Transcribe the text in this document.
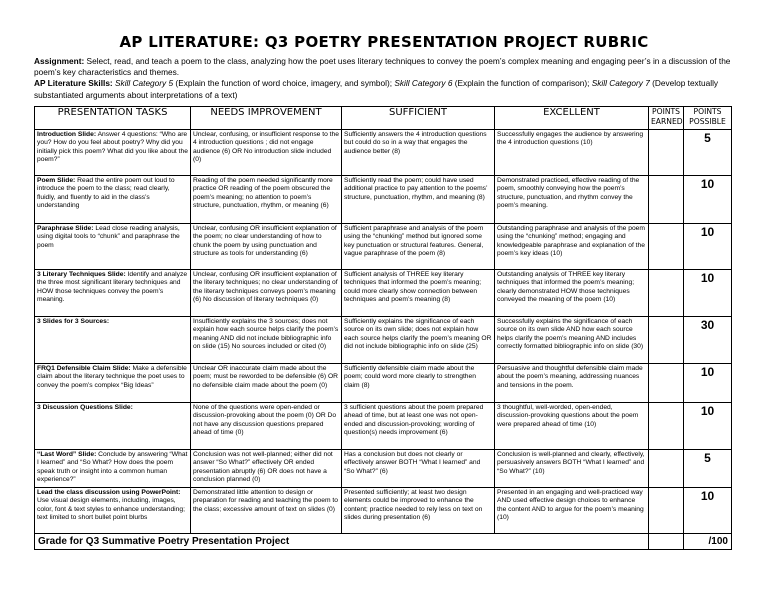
AP LITERATURE: Q3 POETRY PRESENTATION PROJECT RUBRIC
Assignment: Select, read, and teach a poem to the class, analyzing how the poet uses literary techniques to convey the poem’s complex meaning and engaging peer’s in a discussion of the poem’s key characteristics and themes.
AP Literature Skills: Skill Category 5 (Explain the function of word choice, imagery, and symbol); Skill Category 6 (Explain the function of comparison); Skill Category 7 (Develop textually substantiated arguments about interpretations of a text)
PRESENTATION TASKS	NEEDS IMPROVEMENT	SUFFICIENT	EXCELLENT	POINTS EARNED	POINTS POSSIBLE
Introduction Slide: Answer 4 questions: “Who are you? How do you feel about poetry? Why did you initially pick this poem? What did you like about the poem?”	Unclear, confusing, or insufficient response to the 4 introduction questions ; did not engage audience (6) OR No introduction slide included (0)	Sufficiently answers the 4 introduction questions but could do so in a way that engages the audience better (8)	Successfully engages the audience by answering the 4 introduction questions (10)		5
Poem Slide: Read the entire poem out loud to introduce the poem to the class; read clearly, fluidly, and fluently to aid in the class’s understanding	Reading of the poem needed significantly more practice OR reading of the poem obscured the poem’s meaning; no attention to poem’s structure, punctuation, rhythm, or meaning (6)	Sufficiently read the poem; could have used additional practice to pay attention to the poems’ structure, punctuation, rhythm, and meaning (8)	Demonstrated practiced, effective reading of the poem, smoothly conveying how the poem’s structure, punctuation, and rhythm convey the poem’s meaning.		10
Paraphrase Slide: Lead close reading analysis, using digital tools to “chunk” and paraphrase the poem	Unclear, confusing OR insufficient explanation of the poem; no clear understanding of how to chunk the poem by using punctuation and structure as tools for understanding (6)	Sufficient paraphrase and analysis of the poem using the “chunking” method but ignored some key punctuation or structural features. General, vague paraphrase of the poem (8)	Outstanding paraphrase and analysis of the poem using the “chunking” method; engaging and knowledgeable paraphrase and explanation of the poem’s key ideas (10)		10
3 Literary Techniques Slide: Identify and analyze the three most significant literary techniques and HOW those techniques convey the poem’s meaning.	Unclear, confusing OR insufficient explanation of the literary techniques; no clear understanding of the literary techniques conveys poem’s meaning (6) No discussion of literary techniques (0)	Sufficient analysis of THREE key literary techniques that informed the poem’s meaning; could more clearly show connection between techniques and poem’s meaning (8)	Outstanding analysis of THREE key literary techniques that informed the poem’s meaning; clearly demonstrated HOW those techniques conveyed the meaning of the poem (10)		10
3 Slides for 3 Sources:	Insufficiently explains the 3 sources; does not explain how each source helps clarify the poem’s meaning AND did not include bibliographic info on slide (15) No sources included or cited (0)	Sufficiently explains the significance of each source on its own slide; does not explain how each source helps clarify the poem’s meaning OR did not include bibliographic info on slide (25)	Successfully explains the significance of each source on its own slide AND how each source helps clarify the poem’s meaning AND includes correctly formatted bibliographic info on slide (30)		30
FRQ1 Defensible Claim Slide: Make a defensible claim about the literary technique the poet uses to convey the poem’s complex “Big Ideas”	Unclear OR inaccurate claim made about the poem; must be reworded to be defensible (6) OR no defensible claim made about the poem (0)	Sufficiently defensible claim made about the poem; could word more clearly to strengthen claim (8)	Persuasive and thoughtful defensible claim made about the poem’s meaning, addressing nuances and tensions in the poem.		10
3 Discussion Questions Slide:	None of the questions were open-ended or discussion-provoking about the poem (0) OR Do not have any discussion questions prepared ahead of time (0)	3 sufficient questions about the poem prepared ahead of time, but at least one was not open-ended and discussion-provoking; wording of question(s) needs improvement (6)	3 thoughtful, well-worded, open-ended, discussion-provoking questions about the poem were prepared ahead of time (10)		10
“Last Word” Slide: Conclude by answering “What I learned” and “So What? How does the poem speak truth or insight into a common human experience?”	Conclusion was not well-planned; either did not answer “So What?” effectively OR ended presentation abruptly (6) OR does not have a conclusion planned (0)	Has a conclusion but does not clearly or effectively answer BOTH “What I learned” and “So What?” (6)	Conclusion is well-planned and clearly, effectively, persuasively answers BOTH “What I learned” and “So What?” (10)		5
Lead the class discussion using PowerPoint: Use visual design elements, including, images, color, font & text styles to enhance understanding; text limited to short bullet point blurbs	Demonstrated little attention to design or preparation for reading and teaching the poem to the class; excessive amount of text on slides (0)	Presented sufficiently; at least two design elements could be improved to enhance the content; practice needed to rely less on text on slides during presentation (6)	Presented in an engaging and well-practiced way AND used effective design choices to enhance the content AND to argue for the poem’s meaning (10)		10
Grade for Q3 Summative Poetry Presentation Project					/100
